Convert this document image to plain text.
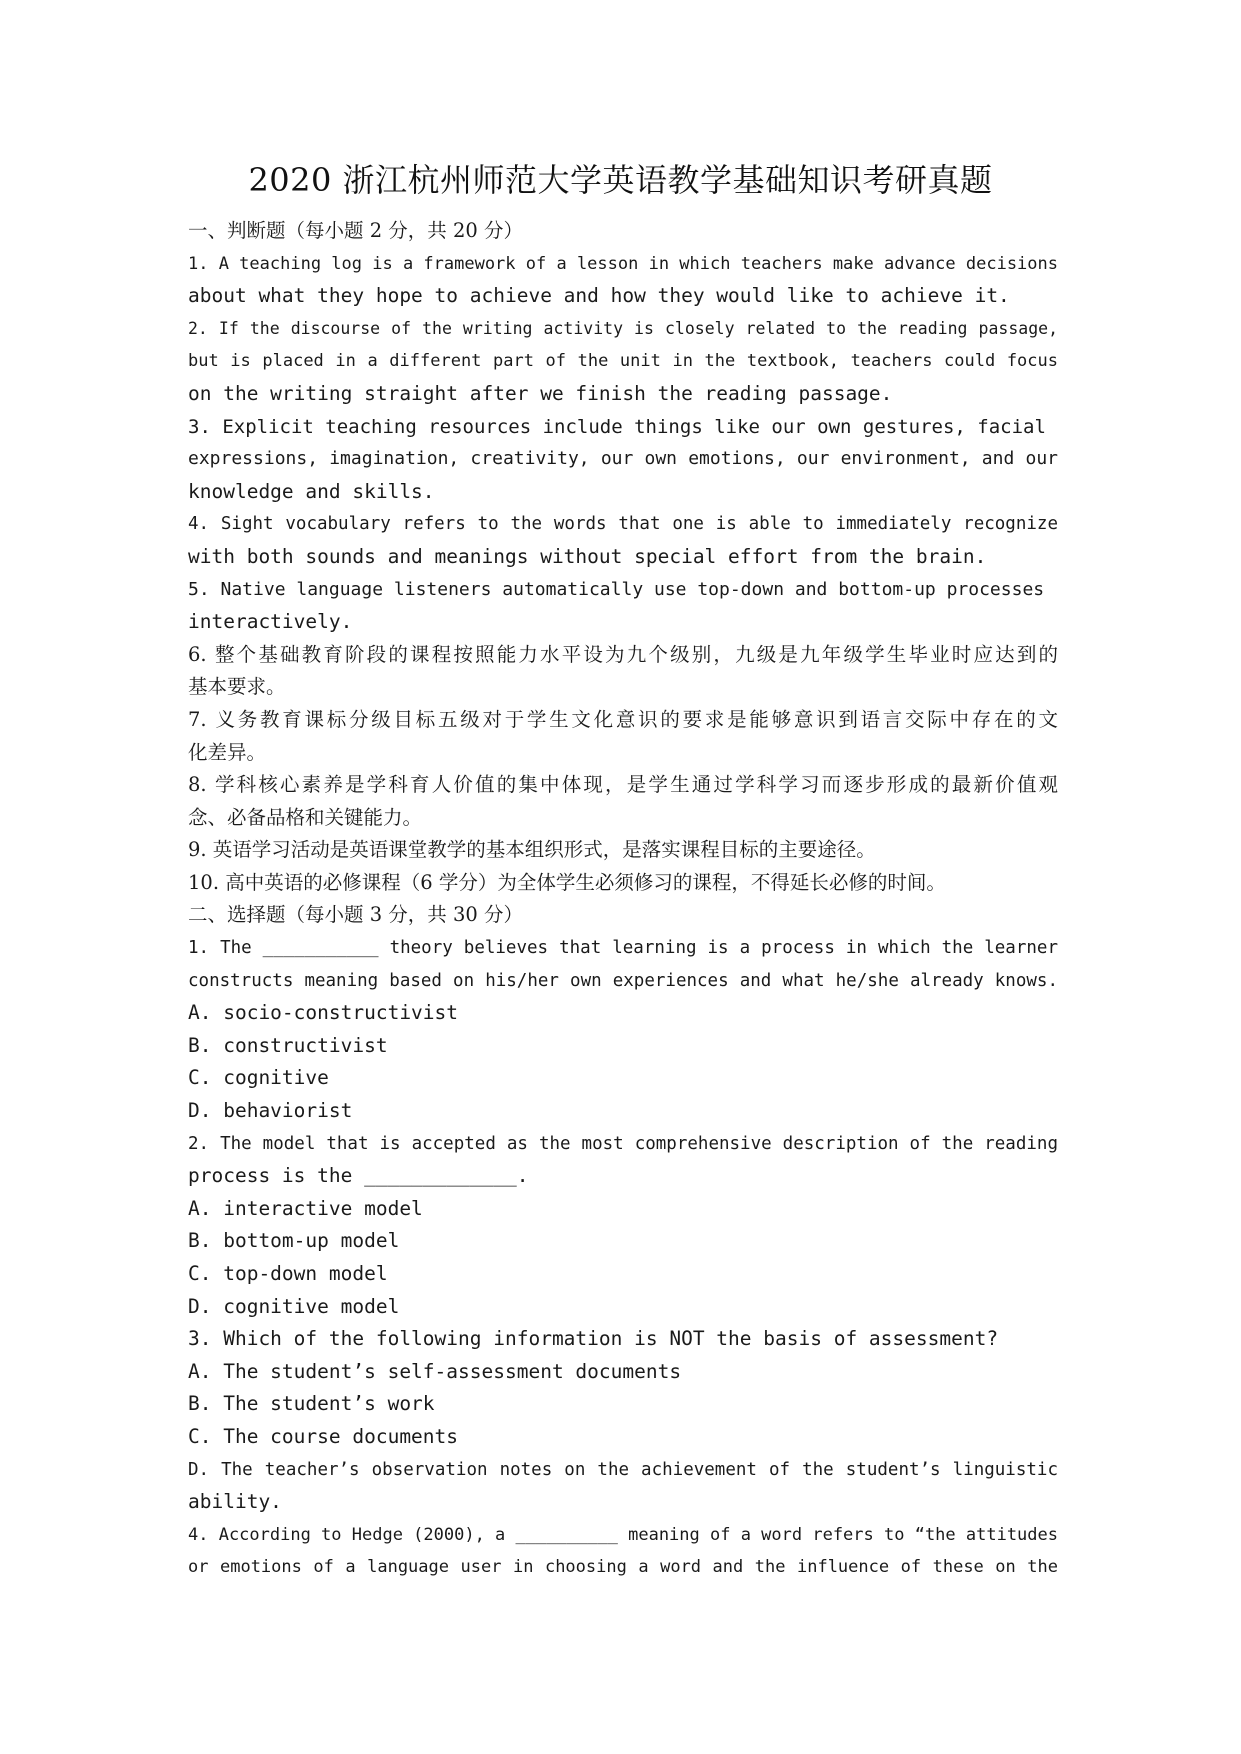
2020 浙江杭州师范大学英语教学基础知识考研真题
一、判断题（每小题 2 分，共 20 分）
1. A teaching log is a framework of a lesson in which teachers make advance decisions
about what they hope to achieve and how they would like to achieve it.
2. If the discourse of the writing activity is closely related to the reading passage,
but is placed in a different part of the unit in the textbook, teachers could focus
on the writing straight after we finish the reading passage.
3. Explicit teaching resources include things like our own gestures, facial
expressions, imagination, creativity, our own emotions, our environment, and our
knowledge and skills.
4. Sight vocabulary refers to the words that one is able to immediately recognize
with both sounds and meanings without special effort from the brain.
5. Native language listeners automatically use top-down and bottom-up processes
interactively.
6. 整个基础教育阶段的课程按照能力水平设为九个级别，九级是九年级学生毕业时应达到的
基本要求。
7. 义务教育课标分级目标五级对于学生文化意识的要求是能够意识到语言交际中存在的文
化差异。
8. 学科核心素养是学科育人价值的集中体现，是学生通过学科学习而逐步形成的最新价值观
念、必备品格和关键能力。
9. 英语学习活动是英语课堂教学的基本组织形式，是落实课程目标的主要途径。
10. 高中英语的必修课程（6 学分）为全体学生必须修习的课程，不得延长必修的时间。
二、选择题（每小题 3 分，共 30 分）
1. The ___________ theory believes that learning is a process in which the learner
constructs meaning based on his/her own experiences and what he/she already knows.
A. socio-constructivist
B. constructivist
C. cognitive
D. behaviorist
2. The model that is accepted as the most comprehensive description of the reading
process is the _____________.
A. interactive model
B. bottom-up model
C. top-down model
D. cognitive model
3. Which of the following information is NOT the basis of assessment?
A. The student’s self-assessment documents
B. The student’s work
C. The course documents
D. The teacher’s observation notes on the achievement of the student’s linguistic
ability.
4. According to Hedge (2000), a __________ meaning of a word refers to “the attitudes
or emotions of a language user in choosing a word and the influence of these on the
